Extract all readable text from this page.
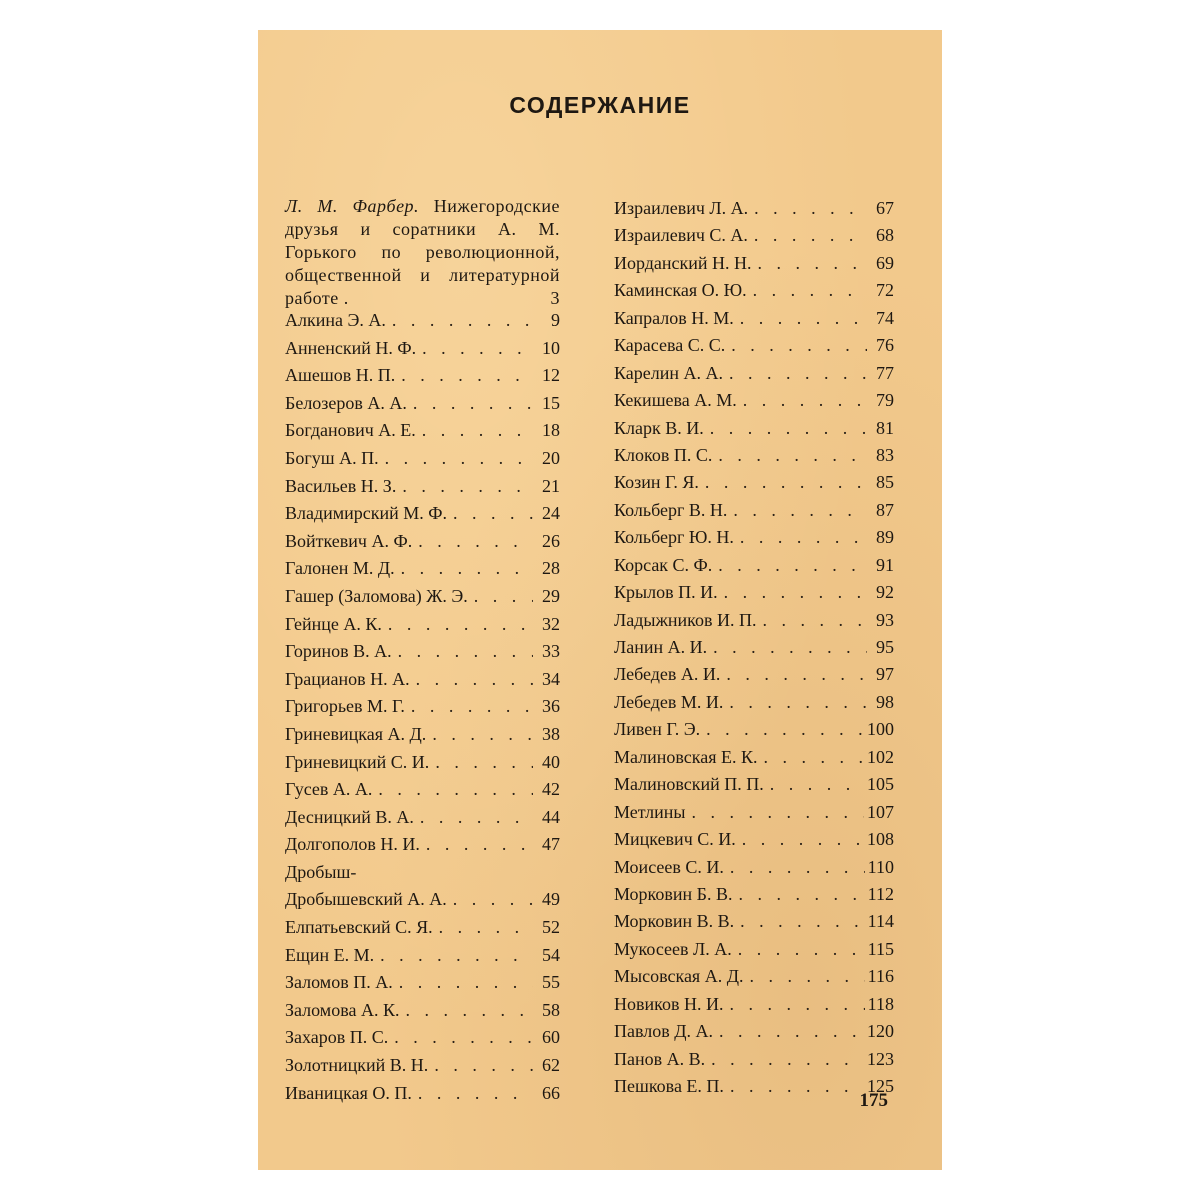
СОДЕРЖАНИЕ
Л. М. Фарбер. Нижегородские друзья и соратники А. М. Горького по революционной, общественной и литературной работе .	3
Алкина Э. А. . . .	9
Анненский Н. Ф. . . .	10
Ашешов Н. П. . . .	12
Белозеров А. А. . . .	15
Богданович А. Е. . . .	18
Богуш А. П. . . .	20
Васильев Н. З. . . .	21
Владимирский М. Ф. . . .	24
Войткевич А. Ф. . . .	26
Галонен М. Д. . . .	28
Гашер (Заломова) Ж. Э. . . .	29
Гейнце А. К. . . .	32
Горинов В. А. . . .	33
Грацианов Н. А. . . .	34
Григорьев М. Г. . . .	36
Гриневицкая А. Д. . . .	38
Гриневицкий С. И. . . .	40
Гусев А. А. . . .	42
Десницкий В. А. . . .	44
Долгополов Н. И. . . .	47
Дробыш-
Дробышевский А. А. . . .	49
Елпатьевский С. Я. . . .	52
Ещин Е. М. . . .	54
Заломов П. А. . . .	55
Заломова А. К. . . .	58
Захаров П. С. . . .	60
Золотницкий В. Н. . . .	62
Иваницкая О. П. . . .	66
Израилевич Л. А. . . .	67
Израилевич С. А. . . .	68
Иорданский Н. Н. . . .	69
Каминская О. Ю. . . .	72
Капралов Н. М. . . .	74
Карасева С. С. . . .	76
Карелин А. А. . . .	77
Кекишева А. М. . . .	79
Кларк В. И. . . .	81
Клоков П. С. . . .	83
Козин Г. Я. . . .	85
Кольберг В. Н. . . .	87
Кольберг Ю. Н. . . .	89
Корсак С. Ф. . . .	91
Крылов П. И. . . .	92
Ладыжников И. П. . . .	93
Ланин А. И. . . .	95
Лебедев А. И. . . .	97
Лебедев М. И. . . .	98
Ливен Г. Э. . . .	100
Малиновская Е. К. . . .	102
Малиновский П. П. . . .	105
Метлины . . .	107
Мицкевич С. И. . . .	108
Моисеев С. И. . . .	110
Морковин Б. В. . . .	112
Морковин В. В. . . .	114
Мукосеев Л. А. . . .	115
Мысовская А. Д. . . .	116
Новиков Н. И. . . .	118
Павлов Д. А. . . .	120
Панов А. В. . . .	123
Пешкова Е. П. . . .	125
175
